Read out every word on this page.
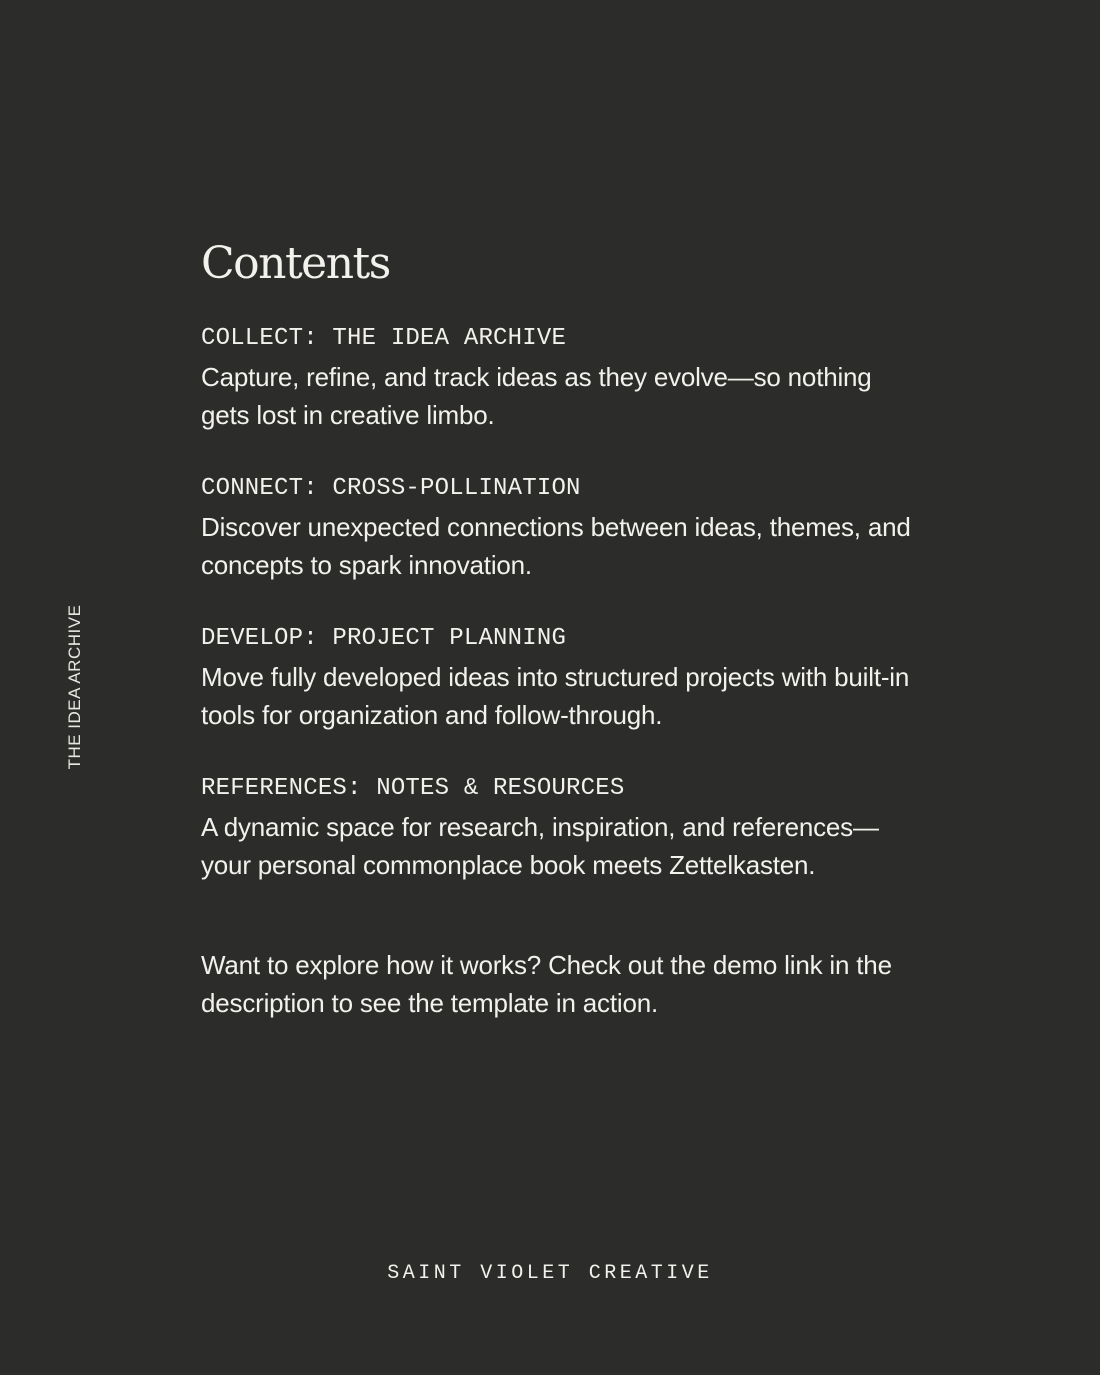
THE IDEA ARCHIVE
Contents
COLLECT: THE IDEA ARCHIVE

Capture, refine, and track ideas as they evolve—so nothing gets lost in creative limbo.

CONNECT: CROSS-POLLINATION

Discover unexpected connections between ideas, themes, and concepts to spark innovation.

DEVELOP: PROJECT PLANNING

Move fully developed ideas into structured projects with built-in tools for organization and follow-through.

REFERENCES: NOTES & RESOURCES

A dynamic space for research, inspiration, and references—your personal commonplace book meets Zettelkasten.

Want to explore how it works? Check out the demo link in the description to see the template in action.

SAINT VIOLET CREATIVE
